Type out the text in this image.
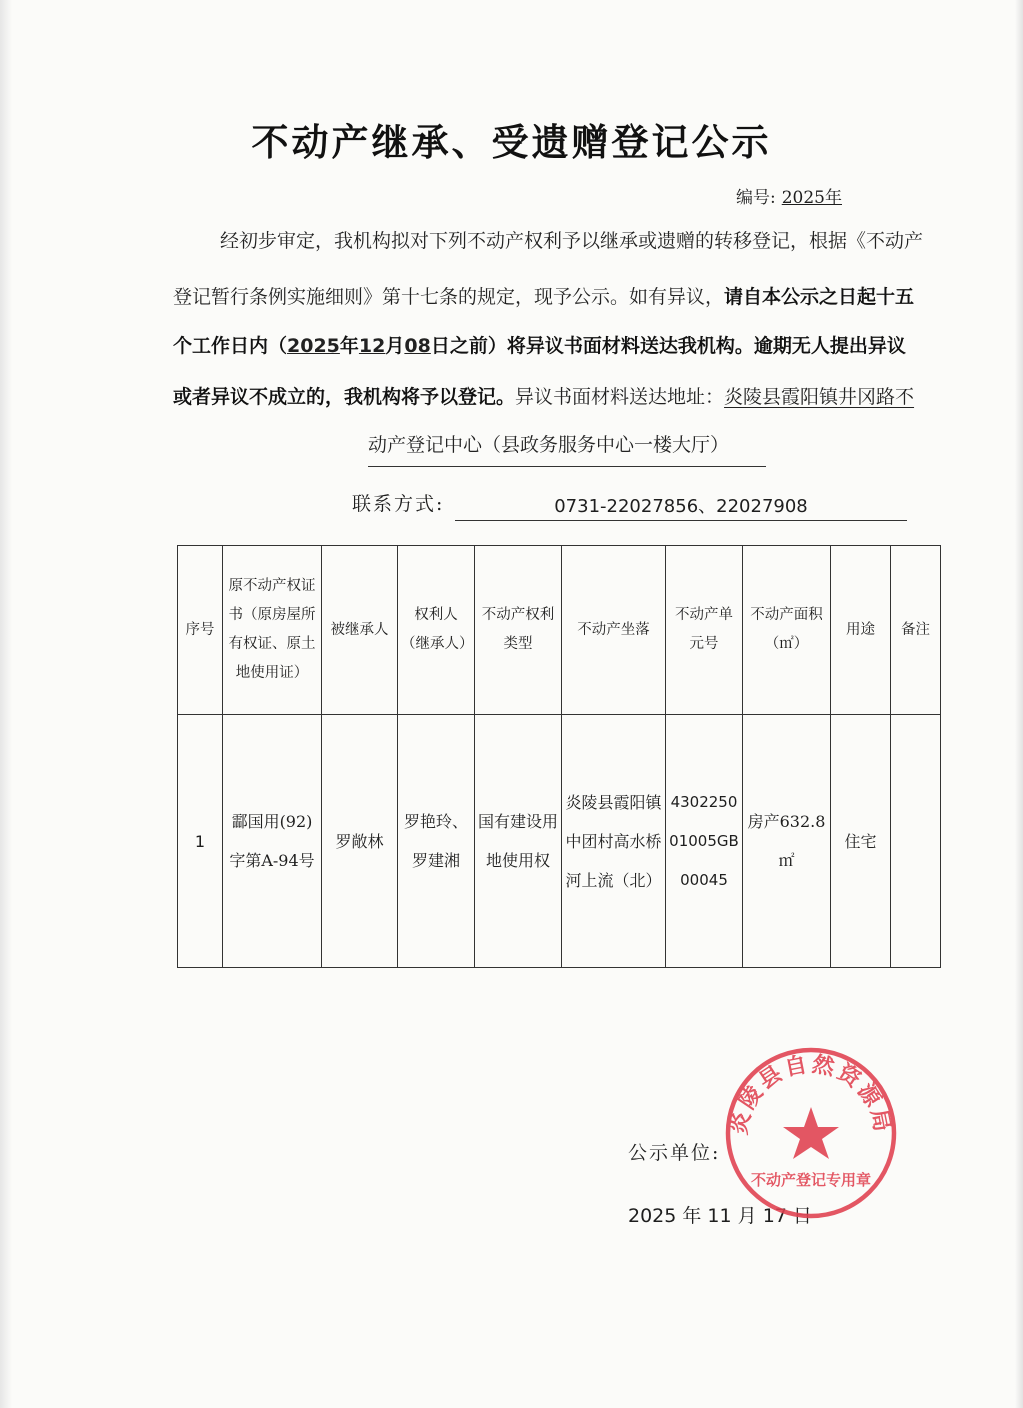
不动产继承、受遗赠登记公示
编号: 2025年
经初步审定，我机构拟对下列不动产权利予以继承或遗赠的转移登记，根据《不动产
登记暂行条例实施细则》第十七条的规定，现予公示。如有异议，请自本公示之日起十五
个工作日内（2025年12月08日之前）将异议书面材料送达我机构。逾期无人提出异议
或者异议不成立的，我机构将予以登记。异议书面材料送达地址：炎陵县霞阳镇井冈路不
动产登记中心（县政务服务中心一楼大厅）
联系方式:	0731-22027856、22027908
序号	原不动产权证书（原房屋所有权证、原土地使用证）	被继承人	权利人（继承人）	不动产权利类型	不动产坐落	不动产单元号	不动产面积（㎡）	用途	备注
1	酃国用(92)字第A-94号	罗敞林	罗艳玲、罗建湘	国有建设用地使用权	炎陵县霞阳镇中团村高水桥河上流（北）	430225001005GB00045	房产632.8㎡	住宅	
公示单位:
2025 年 11 月 17 日
炎陵县自然资源局
不动产登记专用章
